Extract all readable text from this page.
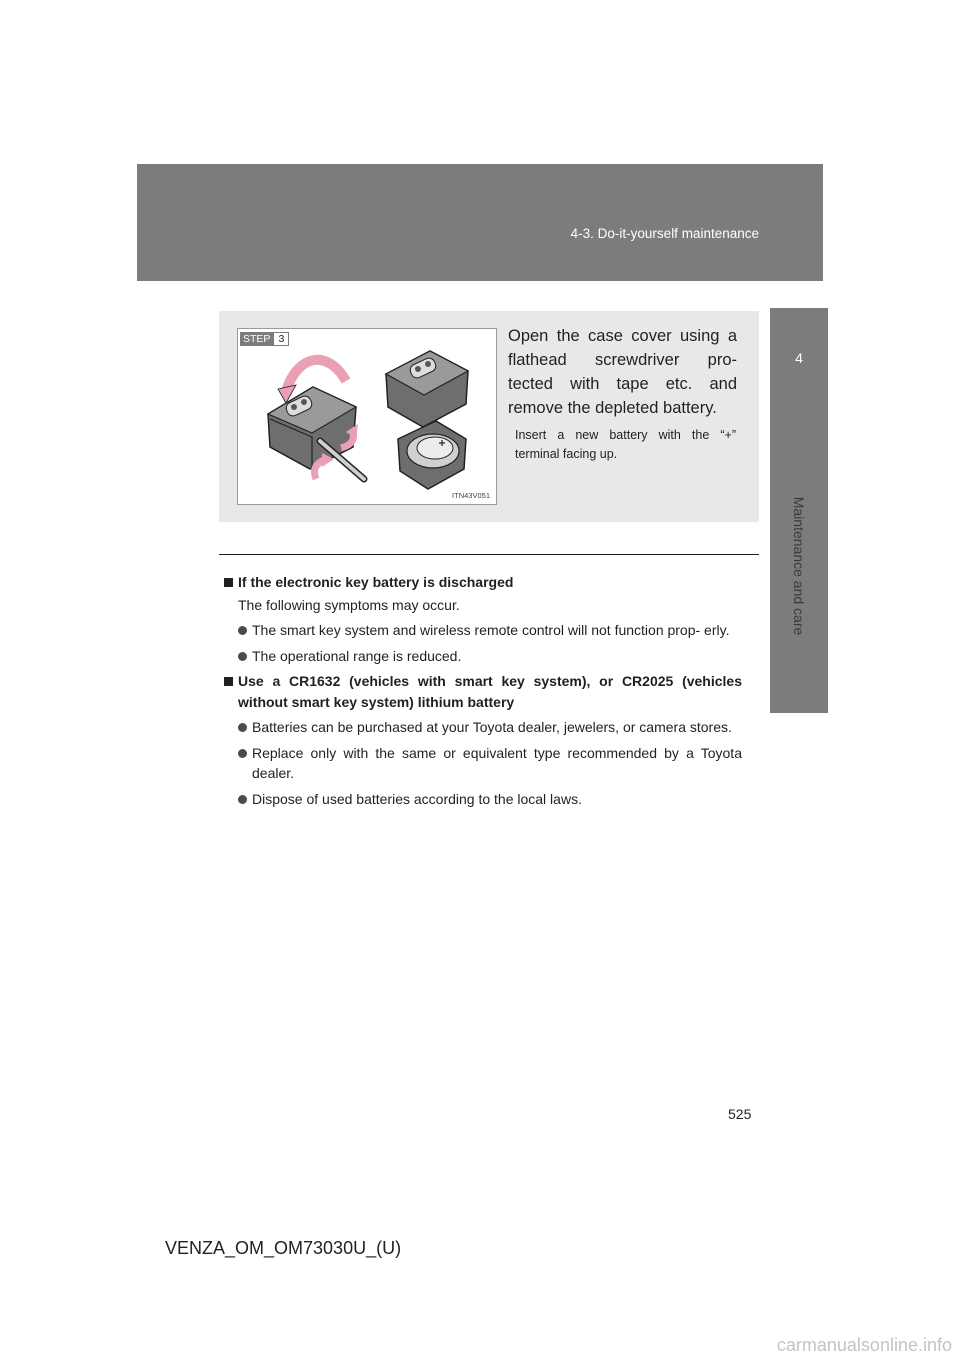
4-3. Do-it-yourself maintenance
4
Maintenance and care
STEP 3
ITN43V051
Open the case cover using a flathead screwdriver pro- tected with tape etc. and remove the depleted battery.
Insert a new battery with the “+” terminal facing up.
If the electronic key battery is discharged
The following symptoms may occur.
The smart key system and wireless remote control will not function prop- erly.
The operational range is reduced.
Use a CR1632 (vehicles with smart key system), or CR2025 (vehicles without smart key system) lithium battery
Batteries can be purchased at your Toyota dealer, jewelers, or camera stores.
Replace only with the same or equivalent type recommended by a Toyota dealer.
Dispose of used batteries according to the local laws.
525
VENZA_OM_OM73030U_(U)
carmanualsonline.info
